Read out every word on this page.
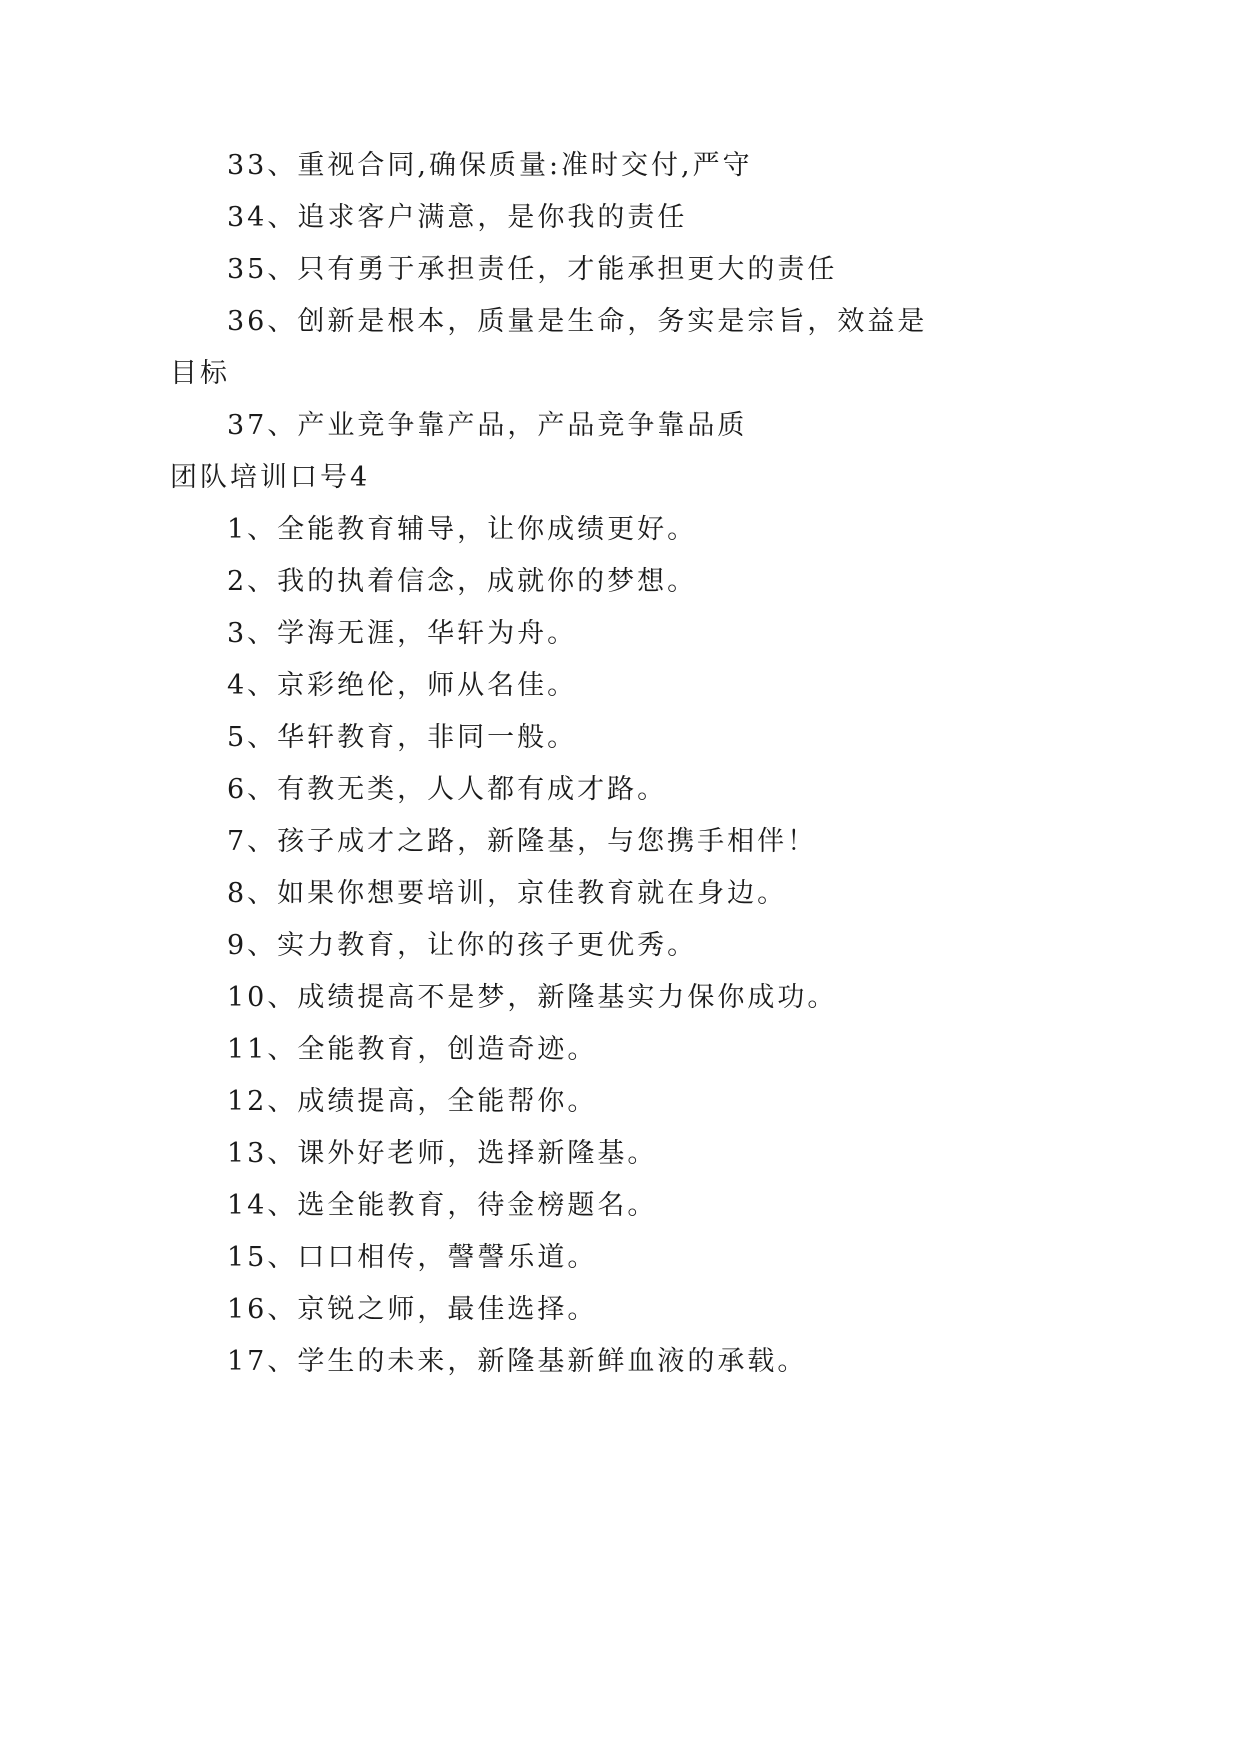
33、重视合同,确保质量:准时交付,严守
34、追求客户满意，是你我的责任
35、只有勇于承担责任，才能承担更大的责任
36、创新是根本，质量是生命，务实是宗旨，效益是目标
37、产业竞争靠产品，产品竞争靠品质
团队培训口号4
1、全能教育辅导，让你成绩更好。
2、我的执着信念，成就你的梦想。
3、学海无涯，华轩为舟。
4、京彩绝伦，师从名佳。
5、华轩教育，非同一般。
6、有教无类，人人都有成才路。
7、孩子成才之路，新隆基，与您携手相伴！
8、如果你想要培训，京佳教育就在身边。
9、实力教育，让你的孩子更优秀。
10、成绩提高不是梦，新隆基实力保你成功。
11、全能教育，创造奇迹。
12、成绩提高，全能帮你。
13、课外好老师，选择新隆基。
14、选全能教育，待金榜题名。
15、口口相传，謦謦乐道。
16、京锐之师，最佳选择。
17、学生的未来，新隆基新鲜血液的承载。
